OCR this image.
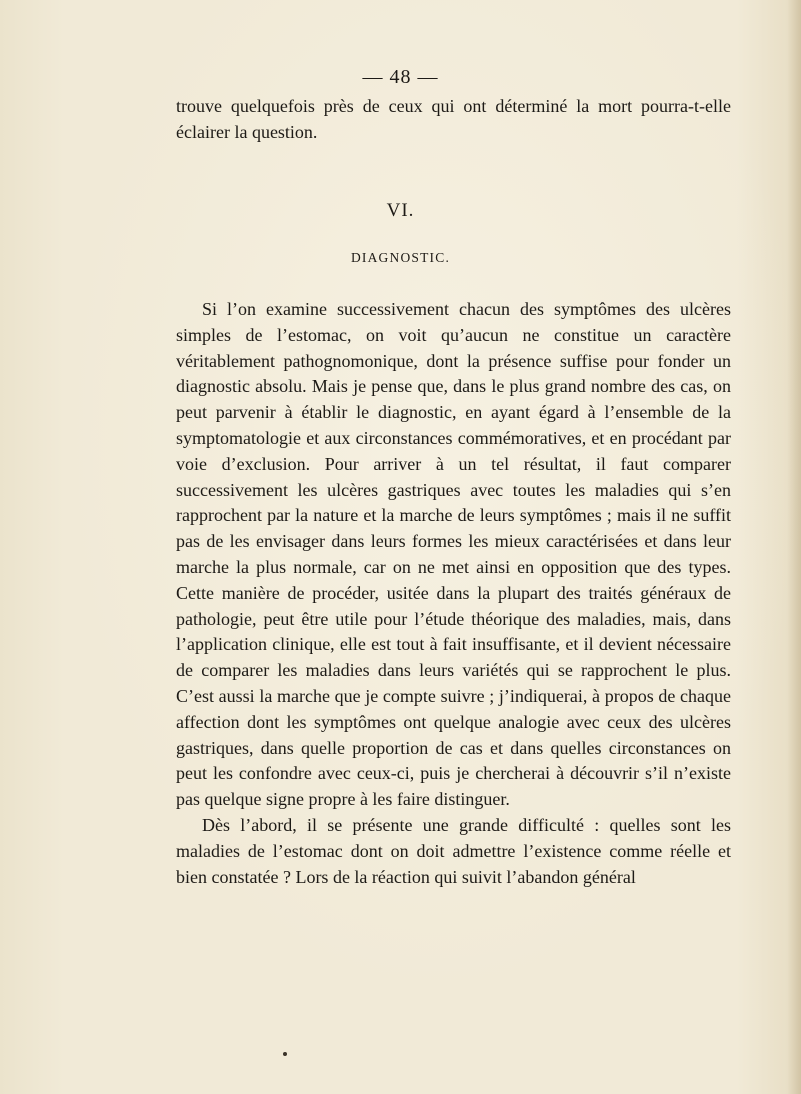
— 48 —

trouve quelquefois près de ceux qui ont déterminé la mort pourra-t-elle éclairer la question.

VI.
DIAGNOSTIC.

Si l’on examine successivement chacun des symptômes des ulcères simples de l’estomac, on voit qu’aucun ne constitue un caractère véritablement pathognomonique, dont la présence suffise pour fonder un diagnostic absolu. Mais je pense que, dans le plus grand nombre des cas, on peut parvenir à établir le diagnostic, en ayant égard à l’ensemble de la symptomatologie et aux circonstances commémoratives, et en procédant par voie d’exclusion. Pour arriver à un tel résultat, il faut comparer successivement les ulcères gastriques avec toutes les maladies qui s’en rapprochent par la nature et la marche de leurs symptômes ; mais il ne suffit pas de les envisager dans leurs formes les mieux caractérisées et dans leur marche la plus normale, car on ne met ainsi en opposition que des types. Cette manière de procéder, usitée dans la plupart des traités généraux de pathologie, peut être utile pour l’étude théorique des maladies, mais, dans l’application clinique, elle est tout à fait insuffisante, et il devient nécessaire de comparer les maladies dans leurs variétés qui se rapprochent le plus. C’est aussi la marche que je compte suivre ; j’indiquerai, à propos de chaque affection dont les symptômes ont quelque analogie avec ceux des ulcères gastriques, dans quelle proportion de cas et dans quelles circonstances on peut les confondre avec ceux-ci, puis je chercherai à découvrir s’il n’existe pas quelque signe propre à les faire distinguer.

Dès l’abord, il se présente une grande difficulté : quelles sont les maladies de l’estomac dont on doit admettre l’existence comme réelle et bien constatée ? Lors de la réaction qui suivit l’abandon général
